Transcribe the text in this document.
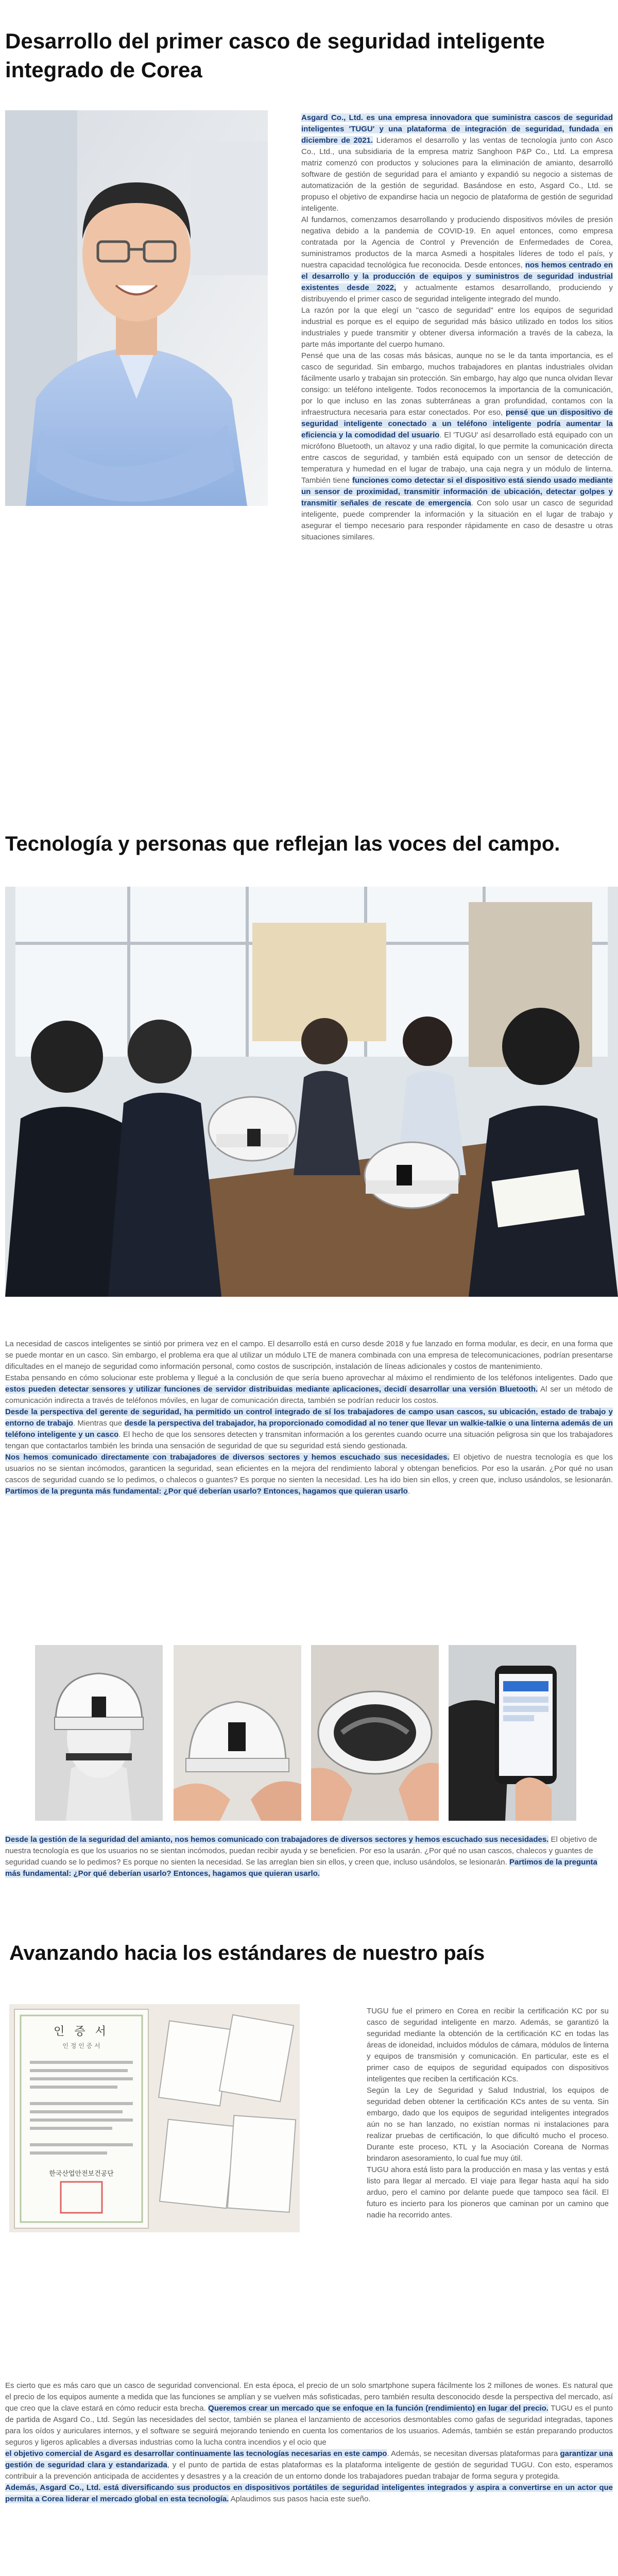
Desarrollo del primer casco de seguridad inteligente integrado de Corea

Asgard Co., Ltd. es una empresa innovadora que suministra cascos de seguridad inteligentes 'TUGU' y una plataforma de integración de seguridad, fundada en diciembre de 2021. Lideramos el desarrollo y las ventas de tecnología junto con Asco Co., Ltd., una subsidiaria de la empresa matriz Sanghoon P&P Co., Ltd. La empresa matriz comenzó con productos y soluciones para la eliminación de amianto, desarrolló software de gestión de seguridad para el amianto y expandió su negocio a sistemas de automatización de la gestión de seguridad. Basándose en esto, Asgard Co., Ltd. se propuso el objetivo de expandirse hacia un negocio de plataforma de gestión de seguridad inteligente.

Al fundarnos, comenzamos desarrollando y produciendo dispositivos móviles de presión negativa debido a la pandemia de COVID-19. En aquel entonces, como empresa contratada por la Agencia de Control y Prevención de Enfermedades de Corea, suministramos productos de la marca Asmedi a hospitales líderes de todo el país, y nuestra capacidad tecnológica fue reconocida. Desde entonces, nos hemos centrado en el desarrollo y la producción de equipos y suministros de seguridad industrial existentes desde 2022, y actualmente estamos desarrollando, produciendo y distribuyendo el primer casco de seguridad inteligente integrado del mundo.

La razón por la que elegí un "casco de seguridad" entre los equipos de seguridad industrial es porque es el equipo de seguridad más básico utilizado en todos los sitios industriales y puede transmitir y obtener diversa información a través de la cabeza, la parte más importante del cuerpo humano.

Pensé que una de las cosas más básicas, aunque no se le da tanta importancia, es el casco de seguridad. Sin embargo, muchos trabajadores en plantas industriales olvidan fácilmente usarlo y trabajan sin protección. Sin embargo, hay algo que nunca olvidan llevar consigo: un teléfono inteligente. Todos reconocemos la importancia de la comunicación, por lo que incluso en las zonas subterráneas a gran profundidad, contamos con la infraestructura necesaria para estar conectados. Por eso, pensé que un dispositivo de seguridad inteligente conectado a un teléfono inteligente podría aumentar la eficiencia y la comodidad del usuario. El 'TUGU' así desarrollado está equipado con un micrófono Bluetooth, un altavoz y una radio digital, lo que permite la comunicación directa entre cascos de seguridad, y también está equipado con un sensor de detección de temperatura y humedad en el lugar de trabajo, una caja negra y un módulo de linterna. También tiene funciones como detectar si el dispositivo está siendo usado mediante un sensor de proximidad, transmitir información de ubicación, detectar golpes y transmitir señales de rescate de emergencia. Con solo usar un casco de seguridad inteligente, puede comprender la información y la situación en el lugar de trabajo y asegurar el tiempo necesario para responder rápidamente en caso de desastre u otras situaciones similares.

Tecnología y personas que reflejan las voces del campo.

La necesidad de cascos inteligentes se sintió por primera vez en el campo. El desarrollo está en curso desde 2018 y fue lanzado en forma modular, es decir, en una forma que se puede montar en un casco. Sin embargo, el problema era que al utilizar un módulo LTE de manera combinada con una empresa de telecomunicaciones, podrían presentarse dificultades en el manejo de seguridad como información personal, como costos de suscripción, instalación de líneas adicionales y costos de mantenimiento.

Estaba pensando en cómo solucionar este problema y llegué a la conclusión de que sería bueno aprovechar al máximo el rendimiento de los teléfonos inteligentes. Dado que estos pueden detectar sensores y utilizar funciones de servidor distribuidas mediante aplicaciones, decidí desarrollar una versión Bluetooth. Al ser un método de comunicación indirecta a través de teléfonos móviles, en lugar de comunicación directa, también se podrían reducir los costos.

Desde la perspectiva del gerente de seguridad, ha permitido un control integrado de sí los trabajadores de campo usan cascos, su ubicación, estado de trabajo y entorno de trabajo. Mientras que desde la perspectiva del trabajador, ha proporcionado comodidad al no tener que llevar un walkie-talkie o una linterna además de un teléfono inteligente y un casco. El hecho de que los sensores detecten y transmitan información a los gerentes cuando ocurre una situación peligrosa sin que los trabajadores tengan que contactarlos también les brinda una sensación de seguridad de que su seguridad está siendo gestionada.

Nos hemos comunicado directamente con trabajadores de diversos sectores y hemos escuchado sus necesidades. El objetivo de nuestra tecnología es que los usuarios no se sientan incómodos, garanticen la seguridad, sean eficientes en la mejora del rendimiento laboral y obtengan beneficios. Por eso la usarán. ¿Por qué no usan cascos de seguridad cuando se lo pedimos, o chalecos o guantes? Es porque no sienten la necesidad. Les ha ido bien sin ellos, y creen que, incluso usándolos, se lesionarán. Partimos de la pregunta más fundamental: ¿Por qué deberían usarlo? Entonces, hagamos que quieran usarlo.

Desde la gestión de la seguridad del amianto, nos hemos comunicado con trabajadores de diversos sectores y hemos escuchado sus necesidades. El objetivo de nuestra tecnología es que los usuarios no se sientan incómodos, puedan recibir ayuda y se beneficien. Por eso la usarán. ¿Por qué no usan cascos, chalecos y guantes de seguridad cuando se lo pedimos? Es porque no sienten la necesidad. Se las arreglan bien sin ellos, y creen que, incluso usándolos, se lesionarán. Partimos de la pregunta más fundamental: ¿Por qué deberían usarlo? Entonces, hagamos que quieran usarlo.
Avanzando hacia los estándares de nuestro país
인 증 서
인 정 인 증 서
한국산업안전보건공단

TUGU fue el primero en Corea en recibir la certificación KC por su casco de seguridad inteligente en marzo. Además, se garantizó la seguridad mediante la obtención de la certificación KC en todas las áreas de idoneidad, incluidos módulos de cámara, módulos de linterna y equipos de transmisión y comunicación. En particular, este es el primer caso de equipos de seguridad equipados con dispositivos inteligentes que reciben la certificación KCs.

Según la Ley de Seguridad y Salud Industrial, los equipos de seguridad deben obtener la certificación KCs antes de su venta. Sin embargo, dado que los equipos de seguridad inteligentes integrados aún no se han lanzado, no existían normas ni instalaciones para realizar pruebas de certificación, lo que dificultó mucho el proceso. Durante este proceso, KTL y la Asociación Coreana de Normas brindaron asesoramiento, lo cual fue muy útil.

TUGU ahora está listo para la producción en masa y las ventas y está listo para llegar al mercado. El viaje para llegar hasta aquí ha sido arduo, pero el camino por delante puede que tampoco sea fácil. El futuro es incierto para los pioneros que caminan por un camino que nadie ha recorrido antes.

Es cierto que es más caro que un casco de seguridad convencional. En esta época, el precio de un solo smartphone supera fácilmente los 2 millones de wones. Es natural que el precio de los equipos aumente a medida que las funciones se amplían y se vuelven más sofisticadas, pero también resulta desconocido desde la perspectiva del mercado, así que creo que la clave estará en cómo reducir esta brecha. Queremos crear un mercado que se enfoque en la función (rendimiento) en lugar del precio. TUGU es el punto de partida de Asgard Co., Ltd. Según las necesidades del sector, también se planea el lanzamiento de accesorios desmontables como gafas de seguridad integradas, tapones para los oídos y auriculares internos, y el software se seguirá mejorando teniendo en cuenta los comentarios de los usuarios. Además, también se están preparando productos seguros y ligeros aplicables a diversas industrias como la lucha contra incendios y el ocio que

el objetivo comercial de Asgard es desarrollar continuamente las tecnologías necesarias en este campo. Además, se necesitan diversas plataformas para garantizar una gestión de seguridad clara y estandarizada, y el punto de partida de estas plataformas es la plataforma inteligente de gestión de seguridad TUGU. Con esto, esperamos contribuir a la prevención anticipada de accidentes y desastres y a la creación de un entorno donde los trabajadores puedan trabajar de forma segura y protegida.

Además, Asgard Co., Ltd. está diversificando sus productos en dispositivos portátiles de seguridad inteligentes integrados y aspira a convertirse en un actor que permita a Corea liderar el mercado global en esta tecnología. Aplaudimos sus pasos hacia este sueño.
